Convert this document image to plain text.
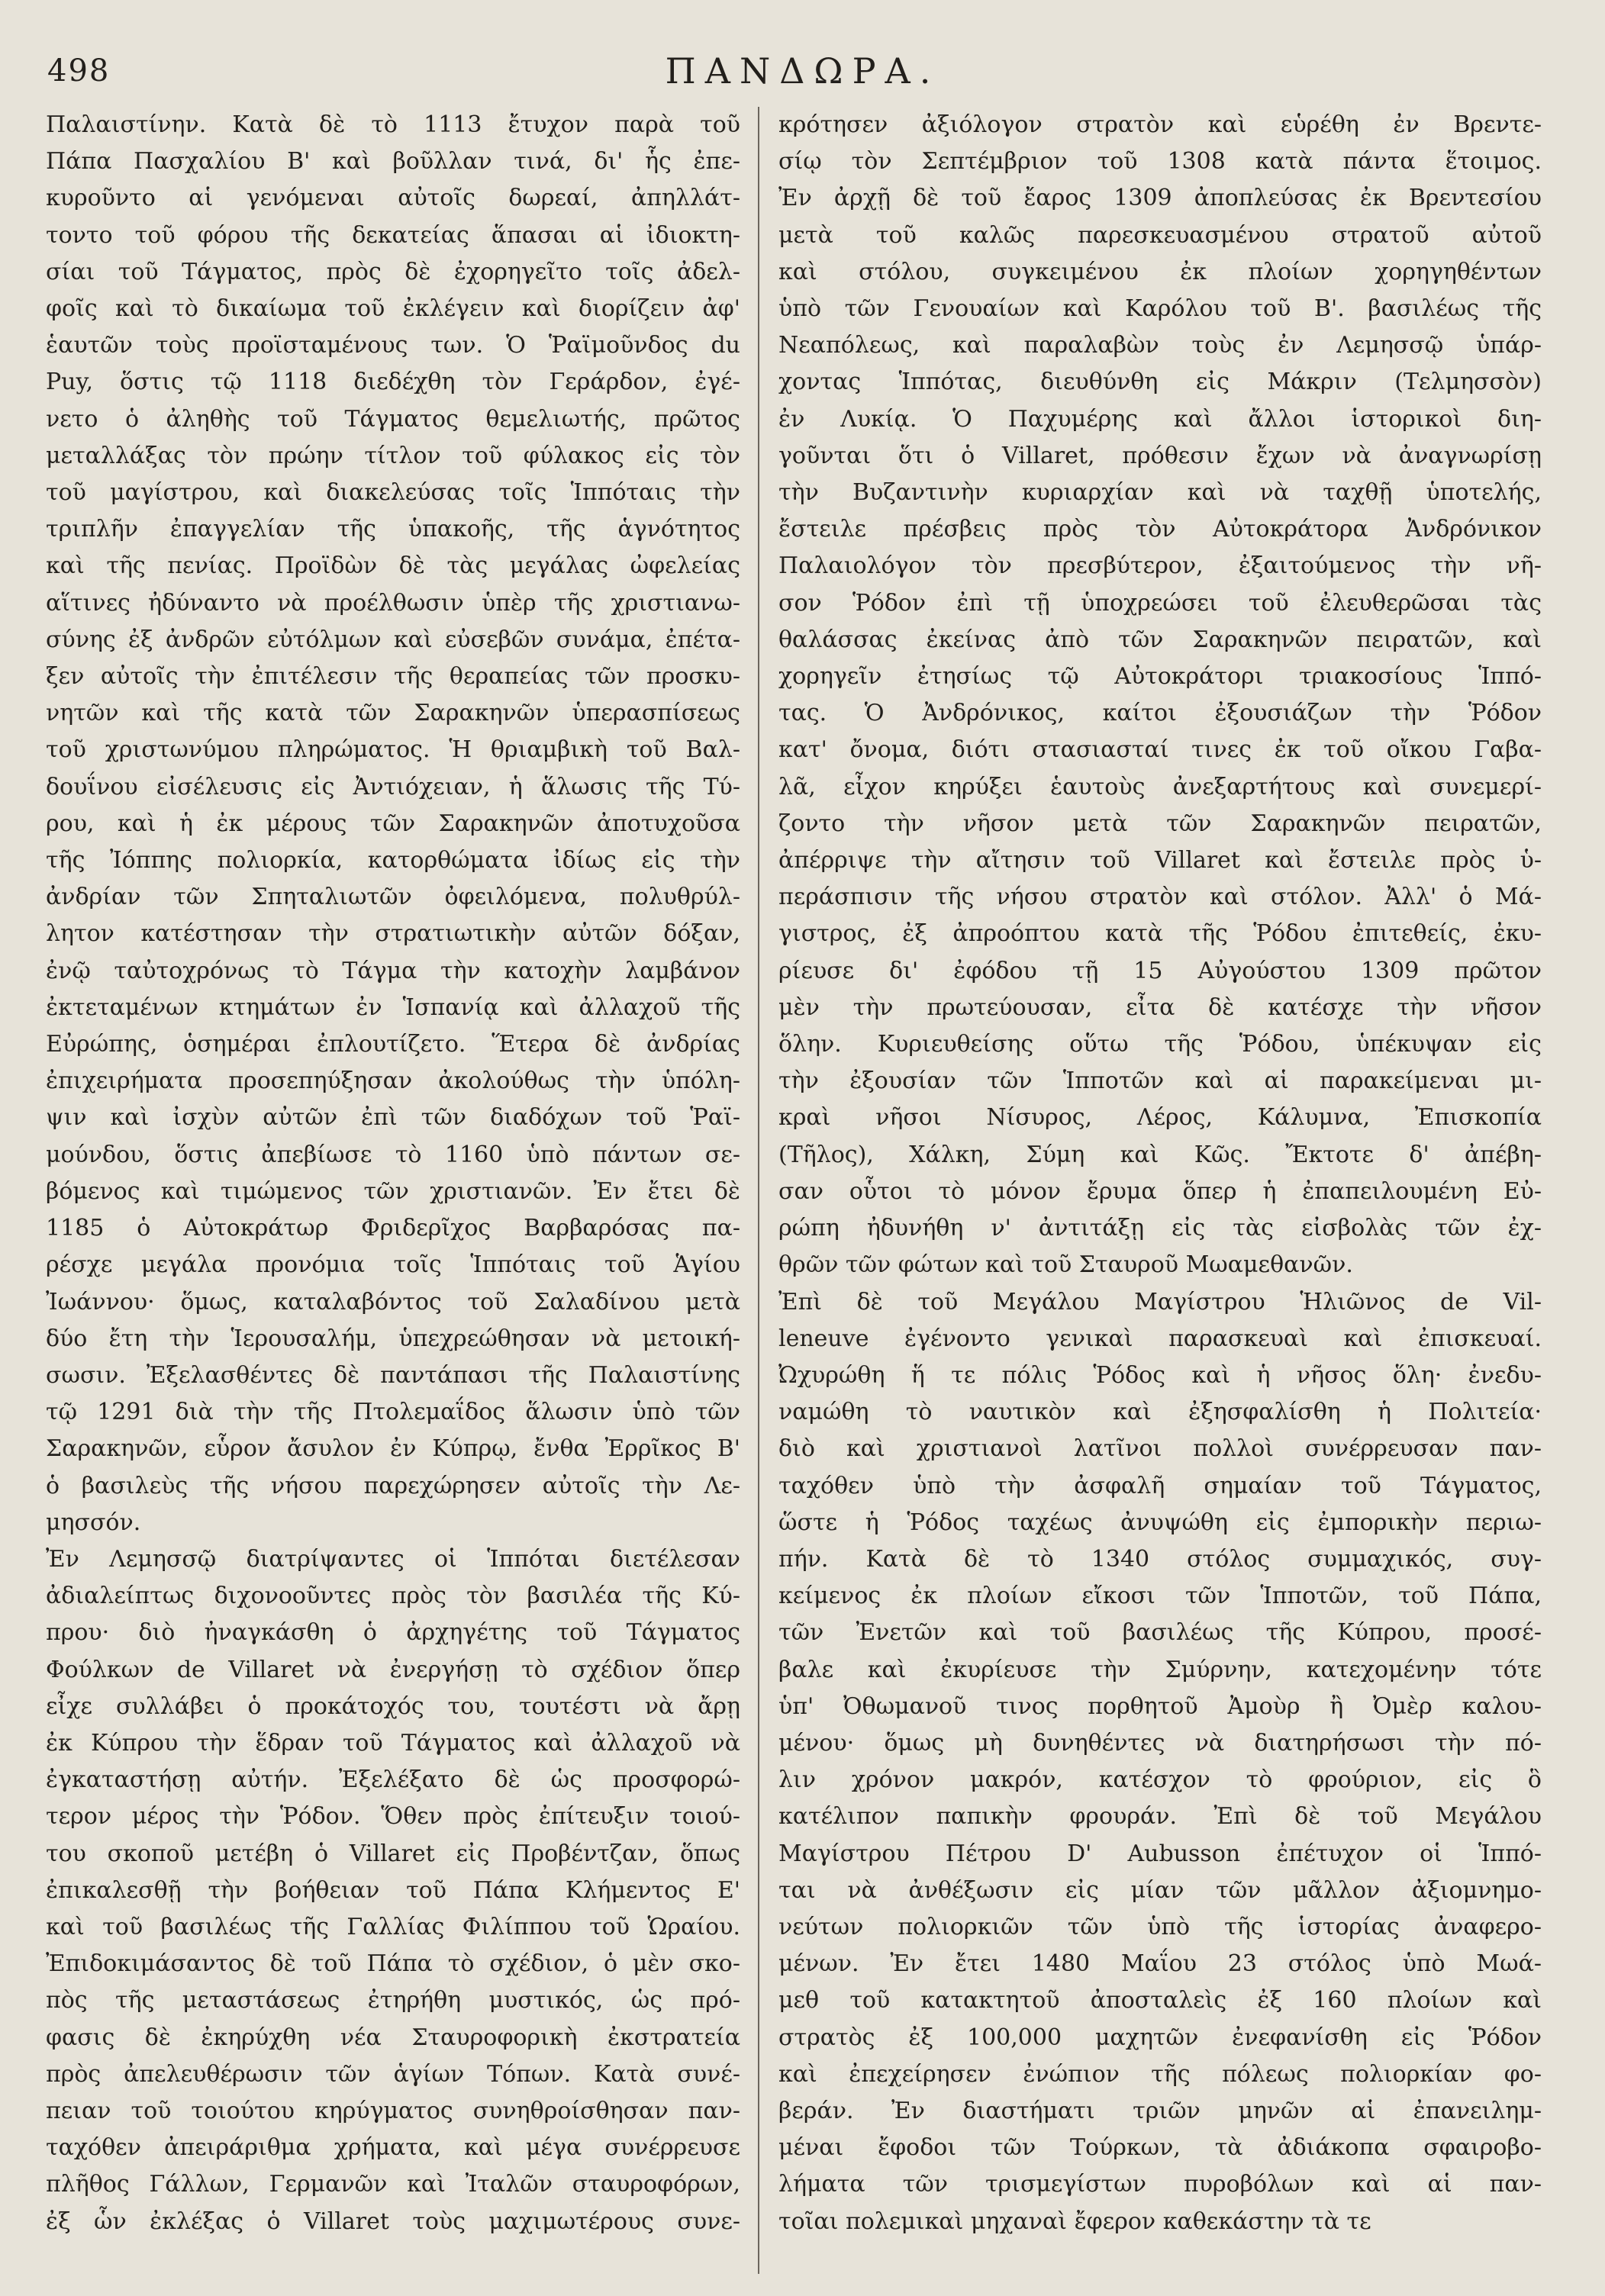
498	ΠΑΝΔΩΡΑ.

Παλαιστίνην. Κατὰ δὲ τὸ 1113 ἔτυχον παρὰ τοῦ

Πάπα Πασχαλίου Β' καὶ βοῦλλαν τινά, δι' ἧς ἐπε-

κυροῦντο αἱ γενόμεναι αὐτοῖς δωρεαί, ἀπηλλάτ-

τοντο τοῦ φόρου τῆς δεκατείας ἅπασαι αἱ ἰδιοκτη-

σίαι τοῦ Τάγματος, πρὸς δὲ ἐχορηγεῖτο τοῖς ἀδελ-

φοῖς καὶ τὸ δικαίωμα τοῦ ἐκλέγειν καὶ διορίζειν ἀφ'

ἑαυτῶν τοὺς προϊσταμένους των. Ὁ Ῥαϊμοῦνδος du

Puy, ὅστις τῷ 1118 διεδέχθη τὸν Γεράρδον, ἐγέ-

νετο ὁ ἀληθὴς τοῦ Τάγματος θεμελιωτής, πρῶτος

μεταλλάξας τὸν πρώην τίτλον τοῦ φύλακος εἰς τὸν

τοῦ μαγίστρου, καὶ διακελεύσας τοῖς Ἱππόταις τὴν

τριπλῆν ἐπαγγελίαν τῆς ὑπακοῆς, τῆς ἁγνότητος

καὶ τῆς πενίας. Προϊδὼν δὲ τὰς μεγάλας ὠφελείας

αἵτινες ἠδύναντο νὰ προέλθωσιν ὑπὲρ τῆς χριστιανω-

σύνης ἐξ ἀνδρῶν εὐτόλμων καὶ εὐσεβῶν συνάμα, ἐπέτα-

ξεν αὐτοῖς τὴν ἐπιτέλεσιν τῆς θεραπείας τῶν προσκυ-

νητῶν καὶ τῆς κατὰ τῶν Σαρακηνῶν ὑπερασπίσεως

τοῦ χριστωνύμου πληρώματος. Ἡ θριαμβικὴ τοῦ Βαλ-

δουΐνου εἰσέλευσις εἰς Ἀντιόχειαν, ἡ ἅλωσις τῆς Τύ-

ρου, καὶ ἡ ἐκ μέρους τῶν Σαρακηνῶν ἀποτυχοῦσα

τῆς Ἰόππης πολιορκία, κατορθώματα ἰδίως εἰς τὴν

ἀνδρίαν τῶν Σπηταλιωτῶν ὀφειλόμενα, πολυθρύλ-

λητον κατέστησαν τὴν στρατιωτικὴν αὐτῶν δόξαν,

ἐνῷ ταὐτοχρόνως τὸ Τάγμα τὴν κατοχὴν λαμβάνον

ἐκτεταμένων κτημάτων ἐν Ἱσπανίᾳ καὶ ἀλλαχοῦ τῆς

Εὐρώπης, ὁσημέραι ἐπλουτίζετο. Ἕτερα δὲ ἀνδρίας

ἐπιχειρήματα προσεπηύξησαν ἀκολούθως τὴν ὑπόλη-

ψιν καὶ ἰσχὺν αὐτῶν ἐπὶ τῶν διαδόχων τοῦ Ῥαϊ-

μούνδου, ὅστις ἀπεβίωσε τὸ 1160 ὑπὸ πάντων σε-

βόμενος καὶ τιμώμενος τῶν χριστιανῶν. Ἐν ἔτει δὲ

1185 ὁ Αὐτοκράτωρ Φριδερῖχος Βαρβαρόσας πα-

ρέσχε μεγάλα προνόμια τοῖς Ἱππόταις τοῦ Ἁγίου

Ἰωάννου· ὅμως, καταλαβόντος τοῦ Σαλαδίνου μετὰ

δύο ἔτη τὴν Ἱερουσαλήμ, ὑπεχρεώθησαν νὰ μετοική-

σωσιν. Ἐξελασθέντες δὲ παντάπασι τῆς Παλαιστίνης

τῷ 1291 διὰ τὴν τῆς Πτολεμαΐδος ἅλωσιν ὑπὸ τῶν

Σαρακηνῶν, εὗρον ἄσυλον ἐν Κύπρῳ, ἔνθα Ἐρρῖκος Β'

ὁ βασιλεὺς τῆς νήσου παρεχώρησεν αὐτοῖς τὴν Λε-

μησσόν.

Ἐν Λεμησσῷ διατρίψαντες οἱ Ἱππόται διετέλεσαν

ἀδιαλείπτως διχονοοῦντες πρὸς τὸν βασιλέα τῆς Κύ-

πρου· διὸ ἠναγκάσθη ὁ ἀρχηγέτης τοῦ Τάγματος

Φούλκων de Villaret νὰ ἐνεργήσῃ τὸ σχέδιον ὅπερ

εἶχε συλλάβει ὁ προκάτοχός του, τουτέστι νὰ ἄρῃ

ἐκ Κύπρου τὴν ἕδραν τοῦ Τάγματος καὶ ἀλλαχοῦ νὰ

ἐγκαταστήσῃ αὐτήν. Ἐξελέξατο δὲ ὡς προσφορώ-

τερον μέρος τὴν Ῥόδον. Ὅθεν πρὸς ἐπίτευξιν τοιού-

του σκοποῦ μετέβη ὁ Villaret εἰς Προβέντζαν, ὅπως

ἐπικαλεσθῇ τὴν βοήθειαν τοῦ Πάπα Κλήμεντος Ε'

καὶ τοῦ βασιλέως τῆς Γαλλίας Φιλίππου τοῦ Ὡραίου.

Ἐπιδοκιμάσαντος δὲ τοῦ Πάπα τὸ σχέδιον, ὁ μὲν σκο-

πὸς τῆς μεταστάσεως ἐτηρήθη μυστικός, ὡς πρό-

φασις δὲ ἐκηρύχθη νέα Σταυροφορικὴ ἐκστρατεία

πρὸς ἀπελευθέρωσιν τῶν ἁγίων Τόπων. Κατὰ συνέ-

πειαν τοῦ τοιούτου κηρύγματος συνηθροίσθησαν παν-

ταχόθεν ἀπειράριθμα χρήματα, καὶ μέγα συνέρρευσε

πλῆθος Γάλλων, Γερμανῶν καὶ Ἰταλῶν σταυροφόρων,

ἐξ ὧν ἐκλέξας ὁ Villaret τοὺς μαχιμωτέρους συνε-

κρότησεν ἀξιόλογον στρατὸν καὶ εὑρέθη ἐν Βρεντε-

σίῳ τὸν Σεπτέμβριον τοῦ 1308 κατὰ πάντα ἕτοιμος.

Ἐν ἀρχῇ δὲ τοῦ ἔαρος 1309 ἀποπλεύσας ἐκ Βρεντεσίου

μετὰ τοῦ καλῶς παρεσκευασμένου στρατοῦ αὐτοῦ

καὶ στόλου, συγκειμένου ἐκ πλοίων χορηγηθέντων

ὑπὸ τῶν Γενουαίων καὶ Καρόλου τοῦ Β'. βασιλέως τῆς

Νεαπόλεως, καὶ παραλαβὼν τοὺς ἐν Λεμησσῷ ὑπάρ-

χοντας Ἱππότας, διευθύνθη εἰς Μάκριν (Τελμησσὸν)

ἐν Λυκίᾳ. Ὁ Παχυμέρης καὶ ἄλλοι ἱστορικοὶ διη-

γοῦνται ὅτι ὁ Villaret, πρόθεσιν ἔχων νὰ ἀναγνωρίσῃ

τὴν Βυζαντινὴν κυριαρχίαν καὶ νὰ ταχθῇ ὑποτελής,

ἔστειλε πρέσβεις πρὸς τὸν Αὐτοκράτορα Ἀνδρόνικον

Παλαιολόγον τὸν πρεσβύτερον, ἐξαιτούμενος τὴν νῆ-

σον Ῥόδον ἐπὶ τῇ ὑποχρεώσει τοῦ ἐλευθερῶσαι τὰς

θαλάσσας ἐκείνας ἀπὸ τῶν Σαρακηνῶν πειρατῶν, καὶ

χορηγεῖν ἐτησίως τῷ Αὐτοκράτορι τριακοσίους Ἱππό-

τας. Ὁ Ἀνδρόνικος, καίτοι ἐξουσιάζων τὴν Ῥόδον

κατ' ὄνομα, διότι στασιασταί τινες ἐκ τοῦ οἴκου Γαβα-

λᾶ, εἶχον κηρύξει ἑαυτοὺς ἀνεξαρτήτους καὶ συνεμερί-

ζοντο τὴν νῆσον μετὰ τῶν Σαρακηνῶν πειρατῶν,

ἀπέρριψε τὴν αἴτησιν τοῦ Villaret καὶ ἔστειλε πρὸς ὑ-

περάσπισιν τῆς νήσου στρατὸν καὶ στόλον. Ἀλλ' ὁ Μά-

γιστρος, ἐξ ἀπροόπτου κατὰ τῆς Ῥόδου ἐπιτεθείς, ἐκυ-

ρίευσε δι' ἐφόδου τῇ 15 Αὐγούστου 1309 πρῶτον

μὲν τὴν πρωτεύουσαν, εἶτα δὲ κατέσχε τὴν νῆσον

ὅλην. Κυριευθείσης οὕτω τῆς Ῥόδου, ὑπέκυψαν εἰς

τὴν ἐξουσίαν τῶν Ἱπποτῶν καὶ αἱ παρακείμεναι μι-

κραὶ νῆσοι Νίσυρος, Λέρος, Κάλυμνα, Ἐπισκοπία

(Τῆλος), Χάλκη, Σύμη καὶ Κῶς. Ἔκτοτε δ' ἀπέβη-

σαν οὗτοι τὸ μόνον ἔρυμα ὅπερ ἡ ἐπαπειλουμένη Εὐ-

ρώπη ἠδυνήθη ν' ἀντιτάξῃ εἰς τὰς εἰσβολὰς τῶν ἐχ-

θρῶν τῶν φώτων καὶ τοῦ Σταυροῦ Μωαμεθανῶν.

Ἐπὶ δὲ τοῦ Μεγάλου Μαγίστρου Ἡλιῶνος de Vil-

leneuve ἐγένοντο γενικαὶ παρασκευαὶ καὶ ἐπισκευαί.

Ὠχυρώθη ἥ τε πόλις Ῥόδος καὶ ἡ νῆσος ὅλη· ἐνεδυ-

ναμώθη τὸ ναυτικὸν καὶ ἐξησφαλίσθη ἡ Πολιτεία·

διὸ καὶ χριστιανοὶ λατῖνοι πολλοὶ συνέρρευσαν παν-

ταχόθεν ὑπὸ τὴν ἀσφαλῆ σημαίαν τοῦ Τάγματος,

ὥστε ἡ Ῥόδος ταχέως ἀνυψώθη εἰς ἐμπορικὴν περιω-

πήν. Κατὰ δὲ τὸ 1340 στόλος συμμαχικός, συγ-

κείμενος ἐκ πλοίων εἴκοσι τῶν Ἱπποτῶν, τοῦ Πάπα,

τῶν Ἐνετῶν καὶ τοῦ βασιλέως τῆς Κύπρου, προσέ-

βαλε καὶ ἐκυρίευσε τὴν Σμύρνην, κατεχομένην τότε

ὑπ' Ὀθωμανοῦ τινος πορθητοῦ Ἀμοὺρ ἢ Ὀμὲρ καλου-

μένου· ὅμως μὴ δυνηθέντες νὰ διατηρήσωσι τὴν πό-

λιν χρόνον μακρόν, κατέσχον τὸ φρούριον, εἰς ὃ

κατέλιπον παπικὴν φρουράν. Ἐπὶ δὲ τοῦ Μεγάλου

Μαγίστρου Πέτρου D' Aubusson ἐπέτυχον οἱ Ἱππό-

ται νὰ ἀνθέξωσιν εἰς μίαν τῶν μᾶλλον ἀξιομνημο-

νεύτων πολιορκιῶν τῶν ὑπὸ τῆς ἱστορίας ἀναφερο-

μένων. Ἐν ἔτει 1480 Μαΐου 23 στόλος ὑπὸ Μωά-

μεθ τοῦ κατακτητοῦ ἀποσταλεὶς ἐξ 160 πλοίων καὶ

στρατὸς ἐξ 100,000 μαχητῶν ἐνεφανίσθη εἰς Ῥόδον

καὶ ἐπεχείρησεν ἐνώπιον τῆς πόλεως πολιορκίαν φο-

βεράν. Ἐν διαστήματι τριῶν μηνῶν αἱ ἐπανειλημ-

μέναι ἔφοδοι τῶν Τούρκων, τὰ ἀδιάκοπα σφαιροβο-

λήματα τῶν τρισμεγίστων πυροβόλων καὶ αἱ παν-

τοῖαι πολεμικαὶ μηχαναὶ ἔφερον καθεκάστην τὰ τε
